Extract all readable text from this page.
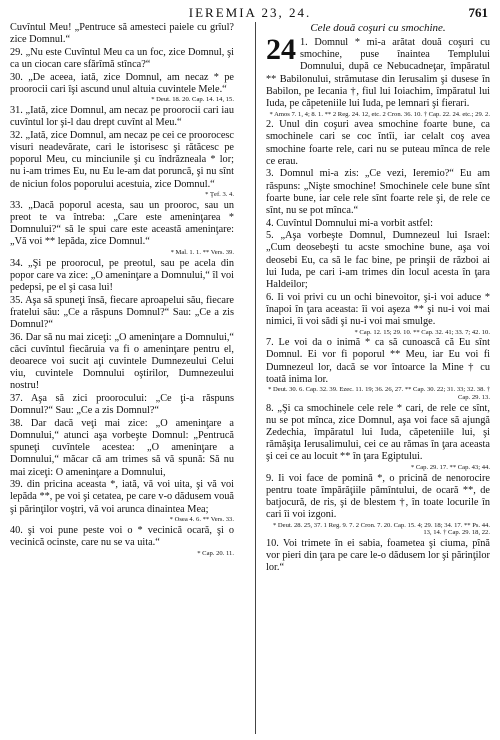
IEREMIA 23, 24.	761
Cuvîntul Meu! „Pentruce să amesteci paiele cu grîul? zice Domnul.“
29. „Nu este Cuvîntul Meu ca un foc, zice Domnul, şi ca un ciocan care sfărîmă stînca?“
30. „De aceea, iată, zice Domnul, am necaz * pe proorocii cari îşi ascund unul altuia cuvintele Mele.“
* Deut. 18. 20. Cap. 14. 14, 15.
31. „Iată, zice Domnul, am necaz pe proorocii cari iau cuvîntul lor şi-l dau drept cuvînt al Meu.“
32. „Iată, zice Domnul, am necaz pe cei ce proorocesc visuri neadevărate, cari le istorisesc şi rătăcesc pe poporul Meu, cu minciunile şi cu îndrăzneala * lor; nu i-am trimes Eu, nu Eu le-am dat poruncă, şi nu sînt de niciun folos poporului acestuia, zice Domnul.“
* Ţef. 3. 4.
33. „Dacă poporul acesta, sau un prooroc, sau un preot te va întreba: „Care este ameninţarea * Domnului?“ să le spui care este această ameninţare: „Vă voi ** lepăda, zice Domnul.“
* Mal. 1. 1. ** Vers. 39.
34. „Şi pe proorocul, pe preotul, sau pe acela din popor care va zice: „O ameninţare a Domnului,“ îl voi pedepsi, pe el şi casa lui!
35. Aşa să spuneţi însă, fiecare aproapelui său, fiecare fratelui său: „Ce a răspuns Domnul?“ Sau: „Ce a zis Domnul?“
36. Dar să nu mai ziceţi: „O ameninţare a Domnului,“ căci cuvîntul fiecăruia va fi o ameninţare pentru el, deoarece voi sucit aţi cuvintele Dumnezeului Celui viu, cuvintele Domnului oştirilor, Dumnezeului nostru!
37. Aşa să zici proorocului: „Ce ţi-a răspuns Domnul?“ Sau: „Ce a zis Domnul?“
38. Dar dacă veţi mai zice: „O ameninţare a Domnului,“ atunci aşa vorbeşte Domnul: „Pentrucă spuneţi cuvîntele acestea: „O ameninţare a Domnului,“ măcar că am trimes să vă spună: Să nu mai ziceţi: O ameninţare a Domnului,
39. din pricina aceasta *, iată, vă voi uita, şi vă voi lepăda **, pe voi şi cetatea, pe care v-o dădusem vouă şi părinţilor voştri, vă voi arunca dinaintea Mea;
* Osea 4. 6. ** Vers. 33.
40. şi voi pune peste voi o * vecinică ocară, şi o vecinică ocinste, care nu se va uita.“
* Cap. 20. 11.
Cele două coşuri cu smochine.
24 1. Domnul * mi-a arătat două coşuri cu smochine, puse înaintea Templului Domnului, după ce Nebucadneţar, împăratul ** Babilonului, strămutase din Ierusalim şi dusese în Babilon, pe Iecania †, fiul lui Ioiachim, împăratul lui Iuda, pe căpeteniile lui Iuda, pe lemnari şi fierari.
* Amos 7. 1, 4; 8. 1. ** 2 Reg. 24. 12, etc. 2 Cron. 36. 10. † Cap. 22. 24. etc.; 29. 2.
2. Unul din coşuri avea smochine foarte bune, ca smochinele cari se coc întîi, iar celalt coş avea smochine foarte rele, cari nu se puteau mînca de rele ce erau.
3. Domnul mi-a zis: „Ce vezi, Ieremio?“ Eu am răspuns: „Nişte smochine! Smochinele cele bune sînt foarte bune, iar cele rele sînt foarte rele şi, de rele ce sînt, nu se pot mînca.“
4. Cuvîntul Domnului mi-a vorbit astfel:
5. „Aşa vorbeşte Domnul, Dumnezeul lui Israel: „Cum deosebeşti tu acste smochine bune, aşa voi deosebi Eu, ca să le fac bine, pe prinşii de război ai lui Iuda, pe cari i-am trimes din locul acesta în ţara Haldeilor;
6. Ii voi privi cu un ochi binevoitor, şi-i voi aduce * înapoi în ţara aceasta: îi voi aşeza ** şi nu-i voi mai nimici, îi voi sădi şi nu-i voi mai smulge.
* Cap. 12. 15; 29. 10. ** Cap. 32. 41; 33. 7; 42. 10.
7. Le voi da o inimă * ca să cunoască că Eu sînt Domnul. Ei vor fi poporul ** Meu, iar Eu voi fi Dumnezeul lor, dacă se vor întoarce la Mine † cu toată inima lor.
* Deut. 30. 6. Cap. 32. 39. Ezec. 11. 19; 36. 26, 27. ** Cap. 30. 22; 31. 33; 32. 38. † Cap. 29. 13.
8. „Şi ca smochinele cele rele * cari, de rele ce sînt, nu se pot mînca, zice Domnul, aşa voi face să ajungă Zedechia, împăratul lui Iuda, căpeteniile lui, şi rămăşiţa Ierusalimului, cei ce au rămas în ţara aceasta şi cei ce au locuit ** în ţara Egiptului.
* Cap. 29. 17. ** Cap. 43; 44.
9. Ii voi face de pomină *, o pricină de nenorocire pentru toate împărăţiile pămîntului, de ocară **, de batjocură, de ris, şi de blestem †, în toate locurile în cari îi voi izgoni.
* Deut. 28. 25, 37. 1 Reg. 9. 7. 2 Cron. 7. 20. Cap. 15. 4; 29. 18; 34. 17. ** Ps. 44. 13, 14. † Cap. 29. 18, 22.
10. Voi trimete în ei sabia, foametea şi ciuma, pînă vor pieri din ţara pe care le-o dădusem lor şi părinţilor lor.“
